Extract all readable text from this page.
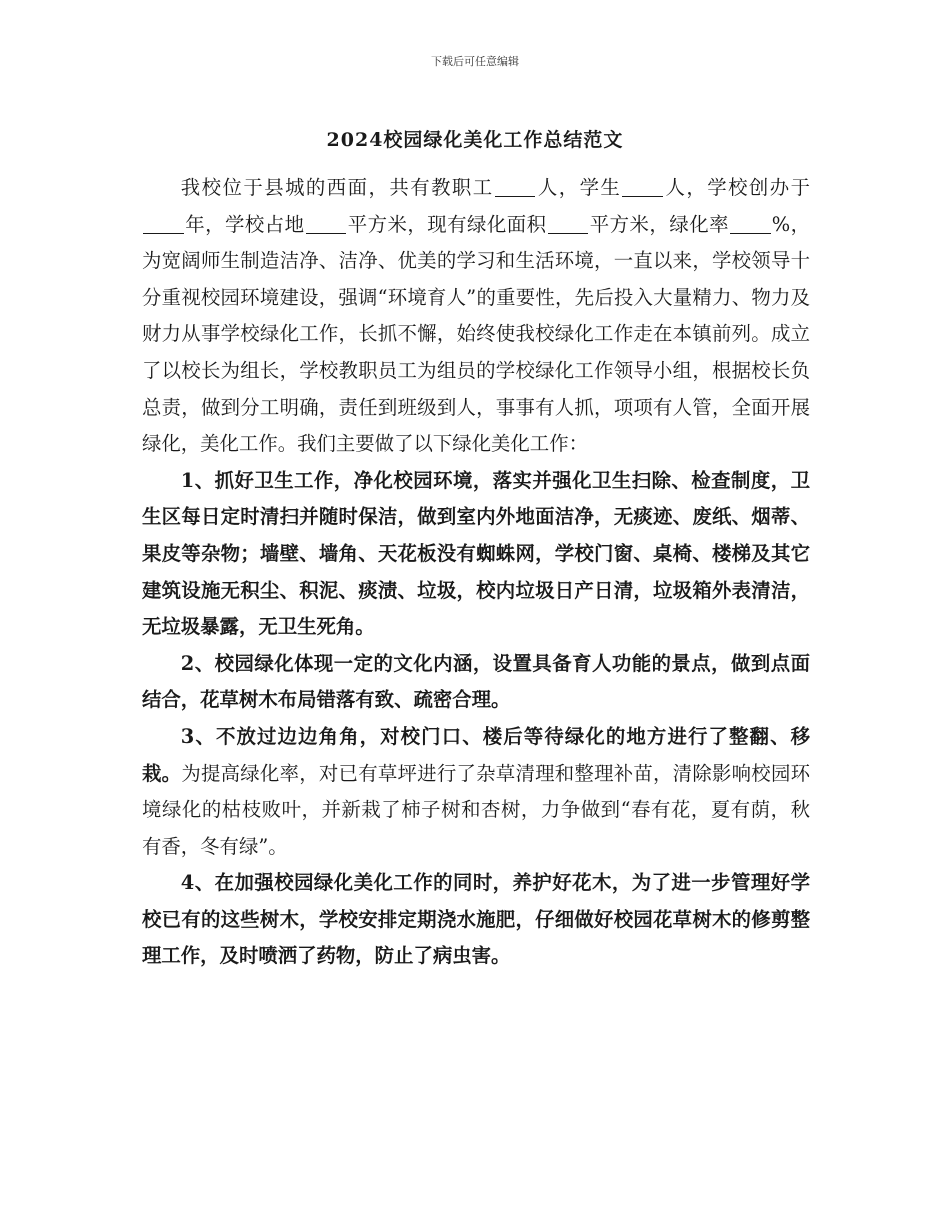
下载后可任意编辑
2024校园绿化美化工作总结范文

我校位于县城的西面，共有教职工 人，学生 人，学校创办于年，学校占地 平方米，现有绿化面积 平方米，绿化率 %，为宽阔师生制造洁净、洁净、优美的学习和生活环境，一直以来，学校领导十分重视校园环境建设，强调“环境育人”的重要性，先后投入大量精力、物力及财力从事学校绿化工作，长抓不懈，始终使我校绿化工作走在本镇前列。成立了以校长为组长，学校教职员工为组员的学校绿化工作领导小组，根据校长负总责，做到分工明确，责任到班级到人，事事有人抓，项项有人管，全面开展绿化，美化工作。我们主要做了以下绿化美化工作：

1、抓好卫生工作，净化校园环境，落实并强化卫生扫除、检查制度，卫生区每日定时清扫并随时保洁，做到室内外地面洁净，无痰迹、废纸、烟蒂、果皮等杂物；墙壁、墙角、天花板没有蜘蛛网，学校门窗、桌椅、楼梯及其它建筑设施无积尘、积泥、痰渍、垃圾，校内垃圾日产日清，垃圾箱外表清洁，无垃圾暴露，无卫生死角。

2、校园绿化体现一定的文化内涵，设置具备育人功能的景点，做到点面结合，花草树木布局错落有致、疏密合理。

3、不放过边边角角，对校门口、楼后等待绿化的地方进行了整翻、移栽。为提高绿化率，对已有草坪进行了杂草清理和整理补苗，清除影响校园环境绿化的枯枝败叶，并新栽了柿子树和杏树，力争做到“春有花，夏有荫，秋有香，冬有绿”。

4、在加强校园绿化美化工作的同时，养护好花木，为了进一步管理好学校已有的这些树木，学校安排定期浇水施肥，仔细做好校园花草树木的修剪整理工作，及时喷洒了药物，防止了病虫害。
